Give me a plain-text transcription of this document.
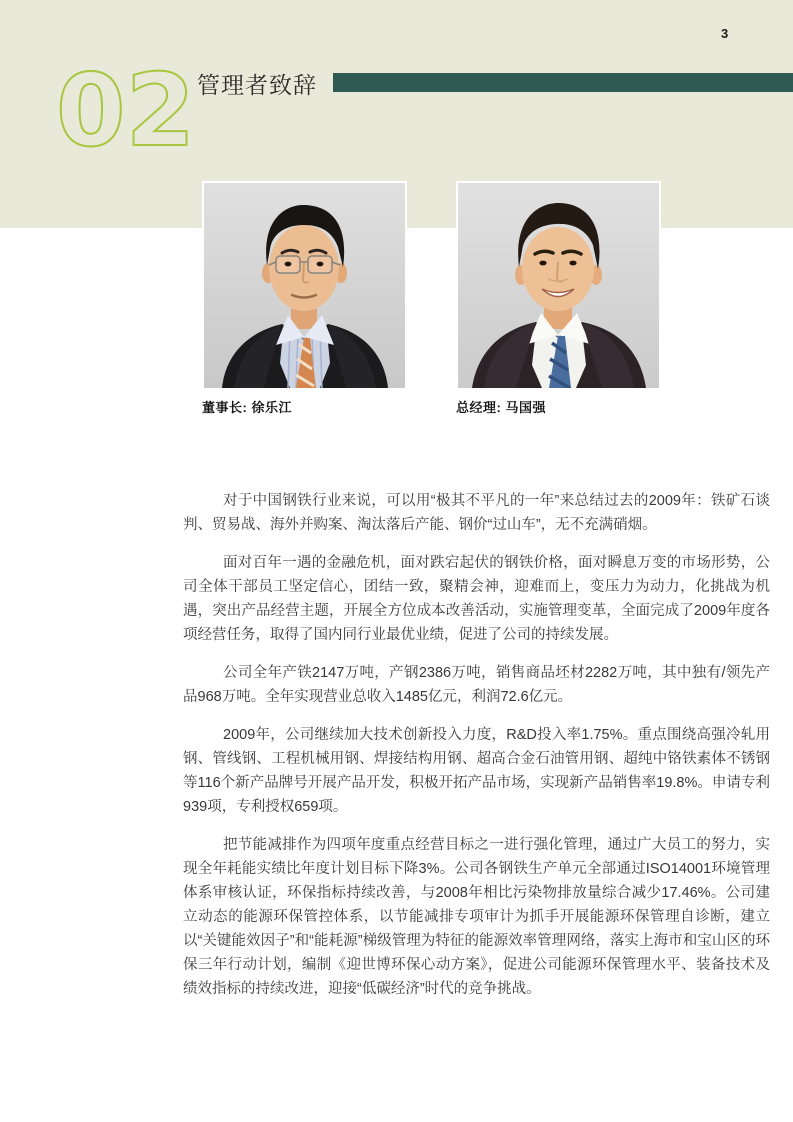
3
02 管理者致辞
董事长: 徐乐江	总经理: 马国强

对于中国钢铁行业来说，可以用“极其不平凡的一年”来总结过去的2009年：铁矿石谈判、贸易战、海外并购案、淘汰落后产能、钢价“过山车”，无不充满硝烟。

面对百年一遇的金融危机，面对跌宕起伏的钢铁价格，面对瞬息万变的市场形势，公司全体干部员工坚定信心，团结一致，聚精会神，迎难而上，变压力为动力，化挑战为机遇，突出产品经营主题，开展全方位成本改善活动，实施管理变革，全面完成了2009年度各项经营任务，取得了国内同行业最优业绩，促进了公司的持续发展。

公司全年产铁2147万吨，产钢2386万吨，销售商品坯材2282万吨，其中独有/领先产品968万吨。全年实现营业总收入1485亿元，利润72.6亿元。

2009年，公司继续加大技术创新投入力度，R&D投入率1.75%。重点围绕高强冷轧用钢、管线钢、工程机械用钢、焊接结构用钢、超高合金石油管用钢、超纯中铬铁素体不锈钢等116个新产品牌号开展产品开发，积极开拓产品市场，实现新产品销售率19.8%。申请专利939项，专利授权659项。

把节能减排作为四项年度重点经营目标之一进行强化管理，通过广大员工的努力，实现全年耗能实绩比年度计划目标下降3%。公司各钢铁生产单元全部通过ISO14001环境管理体系审核认证，环保指标持续改善，与2008年相比污染物排放量综合减少17.46%。公司建立动态的能源环保管控体系，以节能减排专项审计为抓手开展能源环保管理自诊断，建立以“关键能效因子”和“能耗源”梯级管理为特征的能源效率管理网络，落实上海市和宝山区的环保三年行动计划，编制《迎世博环保心动方案》，促进公司能源环保管理水平、装备技术及绩效指标的持续改进，迎接“低碳经济”时代的竞争挑战。
